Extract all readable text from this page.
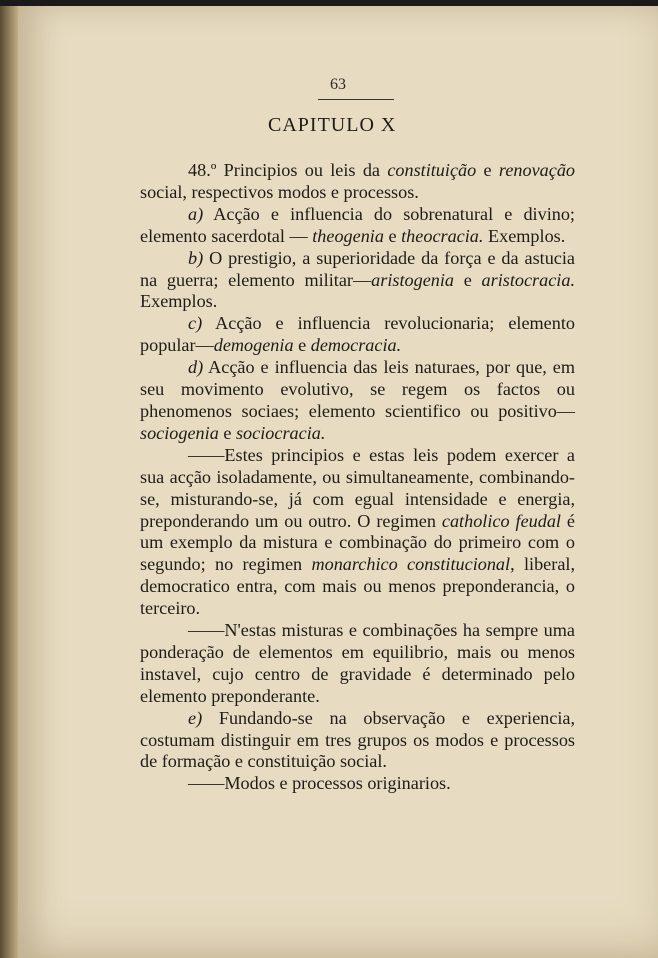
63
CAPITULO X

48.º Principios ou leis da constituição e renovação social, respectivos modos e processos.

a) Acção e influencia do sobrenatural e divino; elemento sacerdotal — theogenia e theocracia. Exemplos.

b) O prestigio, a superioridade da força e da astucia na guerra; elemento militar—aristogenia e aristocracia. Exemplos.

c) Acção e influencia revolucionaria; elemento popular—demogenia e democracia.

d) Acção e influencia das leis naturaes, por que, em seu movimento evolutivo, se regem os factos ou phenomenos sociaes; elemento scientifico ou positivo—sociogenia e sociocracia.

——Estes principios e estas leis podem exercer a sua acção isoladamente, ou simultaneamente, combinando-se, misturando-se, já com egual intensidade e energia, preponderando um ou outro. O regimen catholico feudal é um exemplo da mistura e combinação do primeiro com o segundo; no regimen monarchico constitucional, liberal, democratico entra, com mais ou menos preponderancia, o terceiro.

——N'estas misturas e combinações ha sempre uma ponderação de elementos em equilibrio, mais ou menos instavel, cujo centro de gravidade é determinado pelo elemento preponderante.

e) Fundando-se na observação e experiencia, costumam distinguir em tres grupos os modos e processos de formação e constituição social.

——Modos e processos originarios.
